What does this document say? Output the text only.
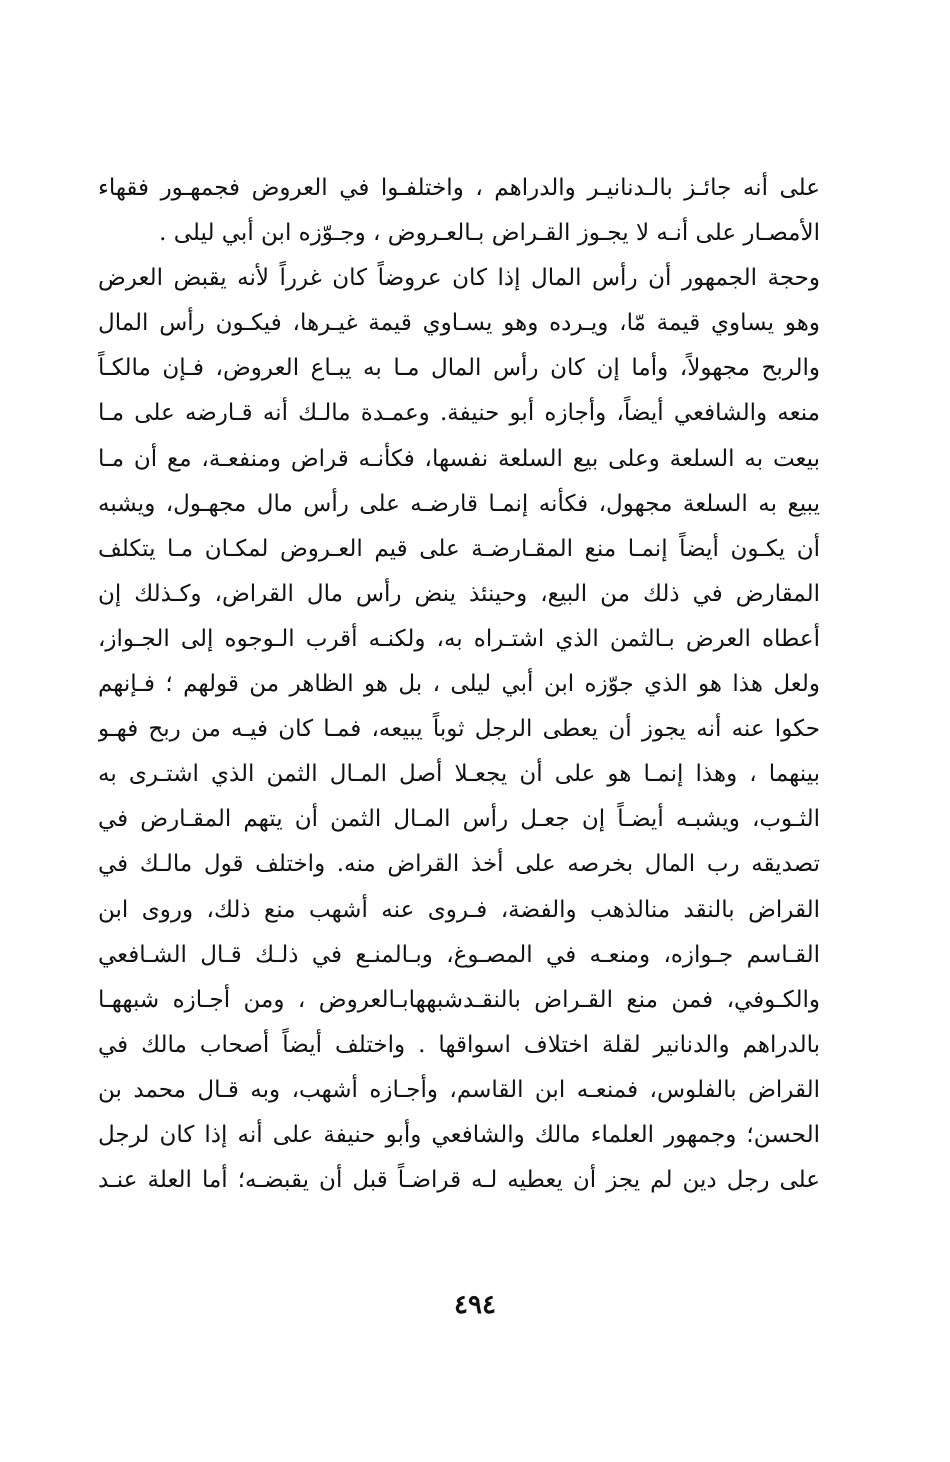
على أنه جائـز بالـدنانيـر والدراهم ، واختلفـوا في العروض فجمهـور فقهاء
الأمصـار على أنـه لا يجـوز القـراض بـالعـروض ، وجـوّزه ابن أبي ليلى .
وحجة الجمهور أن رأس المال إذا كان عروضاً كان غرراً لأنه يقبض العرض
وهو يساوي قيمة مّا، ويـرده وهو يسـاوي قيمة غيـرها، فيكـون رأس المال
والربح مجهولاً، وأما إن كان رأس المال مـا به يبـاع العروض، فـإن مالكـاً
منعه والشافعي أيضاً، وأجازه أبو حنيفة. وعمـدة مالـك أنه قـارضه على مـا
بيعت به السلعة وعلى بيع السلعة نفسها، فكأنـه قراض ومنفعـة، مع أن مـا
يبيع به السلعة مجهول، فكأنه إنمـا قارضـه على رأس مال مجهـول، ويشبه
أن يكـون أيضاً إنمـا منع المقـارضـة على قيم العـروض لمكـان مـا يتكلف
المقارض في ذلك من البيع، وحينئذ ينض رأس مال القراض، وكـذلك إن
أعطاه العرض بـالثمن الذي اشتـراه به، ولكنـه أقرب الـوجوه إلى الجـواز،
ولعل هذا هو الذي جوّزه ابن أبي ليلى ، بل هو الظاهر من قولهم ؛ فـإنهم
حكوا عنه أنه يجوز أن يعطى الرجل ثوباً يبيعه، فمـا كان فيـه من ربح فهـو
بينهما ، وهذا إنمـا هو على أن يجعـلا أصل المـال الثمن الذي اشتـرى به
الثـوب، ويشبـه أيضـاً إن جعـل رأس المـال الثمن أن يتهم المقـارض في
تصديقه رب المال بخرصه على أخذ القراض منه. واختلف قول مالـك في
القراض بالنقد منالذهب والفضة، فـروى عنه أشهب منع ذلك، وروى ابن
القـاسم جـوازه، ومنعـه في المصـوغ، وبـالمنـع في ذلـك قـال الشـافعي
والكـوفي، فمن منع القـراض بالنقـدشبههابـالعروض ، ومن أجـازه شبههـا
بالدراهم والدنانير لقلة اختلاف اسواقها . واختلف أيضاً أصحاب مالك في
القراض بالفلوس، فمنعـه ابن القاسم، وأجـازه أشهب، وبه قـال محمد بن
الحسن؛ وجمهور العلماء مالك والشافعي وأبو حنيفة على أنه إذا كان لرجل
على رجل دين لم يجز أن يعطيه لـه قراضـاً قبل أن يقبضـه؛ أما العلة عنـد
٤٩٤
